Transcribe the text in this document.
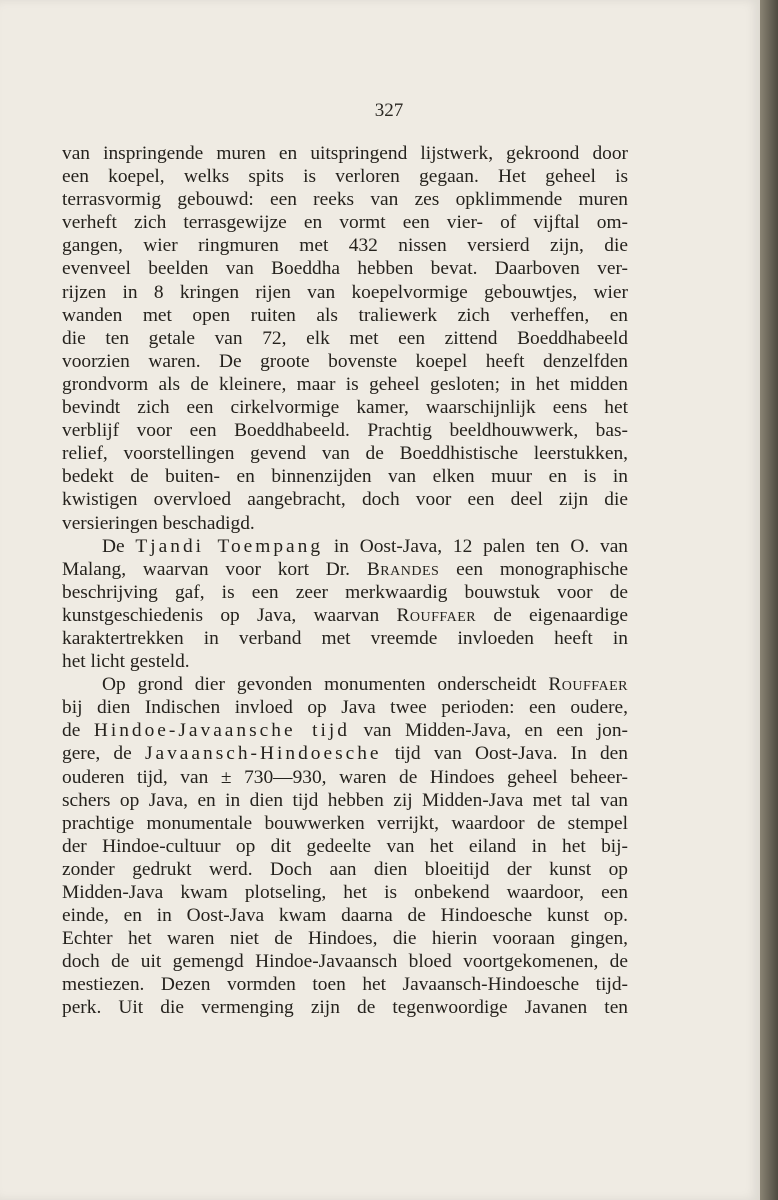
327
van inspringende muren en uitspringend lijstwerk, gekroond door
een koepel, welks spits is verloren gegaan. Het geheel is
terrasvormig gebouwd: een reeks van zes opklimmende muren
verheft zich terrasgewijze en vormt een vier- of vijftal om-
gangen, wier ringmuren met 432 nissen versierd zijn, die
evenveel beelden van Boeddha hebben bevat. Daarboven ver-
rijzen in 8 kringen rijen van koepelvormige gebouwtjes, wier
wanden met open ruiten als traliewerk zich verheffen, en
die ten getale van 72, elk met een zittend Boeddhabeeld
voorzien waren. De groote bovenste koepel heeft denzelfden
grondvorm als de kleinere, maar is geheel gesloten; in het midden
bevindt zich een cirkelvormige kamer, waarschijnlijk eens het
verblijf voor een Boeddhabeeld. Prachtig beeldhouwwerk, bas-
relief, voorstellingen gevend van de Boeddhistische leerstukken,
bedekt de buiten- en binnenzijden van elken muur en is in
kwistigen overvloed aangebracht, doch voor een deel zijn die
versieringen beschadigd.
De Tjandi Toempang in Oost-Java, 12 palen ten O. van
Malang, waarvan voor kort Dr. Brandes een monographische
beschrijving gaf, is een zeer merkwaardig bouwstuk voor de
kunstgeschiedenis op Java, waarvan Rouffaer de eigenaardige
karaktertrekken in verband met vreemde invloeden heeft in
het licht gesteld.
Op grond dier gevonden monumenten onderscheidt Rouffaer
bij dien Indischen invloed op Java twee perioden: een oudere,
de Hindoe-Javaansche tijd van Midden-Java, en een jon-
gere, de Javaansch-Hindoesche tijd van Oost-Java. In den
ouderen tijd, van ± 730—930, waren de Hindoes geheel beheer-
schers op Java, en in dien tijd hebben zij Midden-Java met tal van
prachtige monumentale bouwwerken verrijkt, waardoor de stempel
der Hindoe-cultuur op dit gedeelte van het eiland in het bij-
zonder gedrukt werd. Doch aan dien bloeitijd der kunst op
Midden-Java kwam plotseling, het is onbekend waardoor, een
einde, en in Oost-Java kwam daarna de Hindoesche kunst op.
Echter het waren niet de Hindoes, die hierin vooraan gingen,
doch de uit gemengd Hindoe-Javaansch bloed voortgekomenen, de
mestiezen. Dezen vormden toen het Javaansch-Hindoesche tijd-
perk. Uit die vermenging zijn de tegenwoordige Javanen ten
